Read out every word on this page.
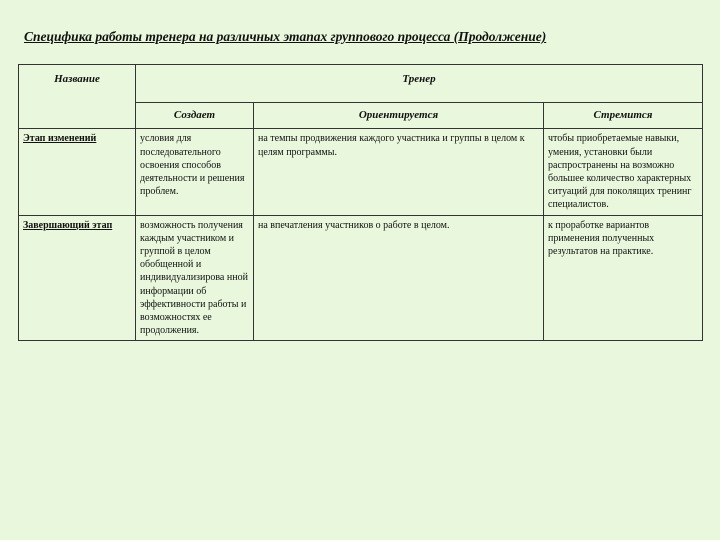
Специфика работы тренера на различных этапах группового процесса (Продолжение)
Название	Тренер		
	Создает	Ориентируется	Стремится
Этап изменений	условия для последовательного освоения способов деятельности и решения проблем.	на темпы продвижения каждого участника и группы в целом к целям программы.	чтобы приобретаемые навыки, умения, установки были распространены на возможно большее количество характерных ситуаций для пoкoлящих тренинг специалистов.
Завершающий этап	возможность получения каждым участником и группой в целом обобщенной и индивидуализирова нной информации об эффективности работы и возможностях ее продолжения.	на впечатления участников о работе в целом.	к проработке вариантов применения полученных результатов на практике.
